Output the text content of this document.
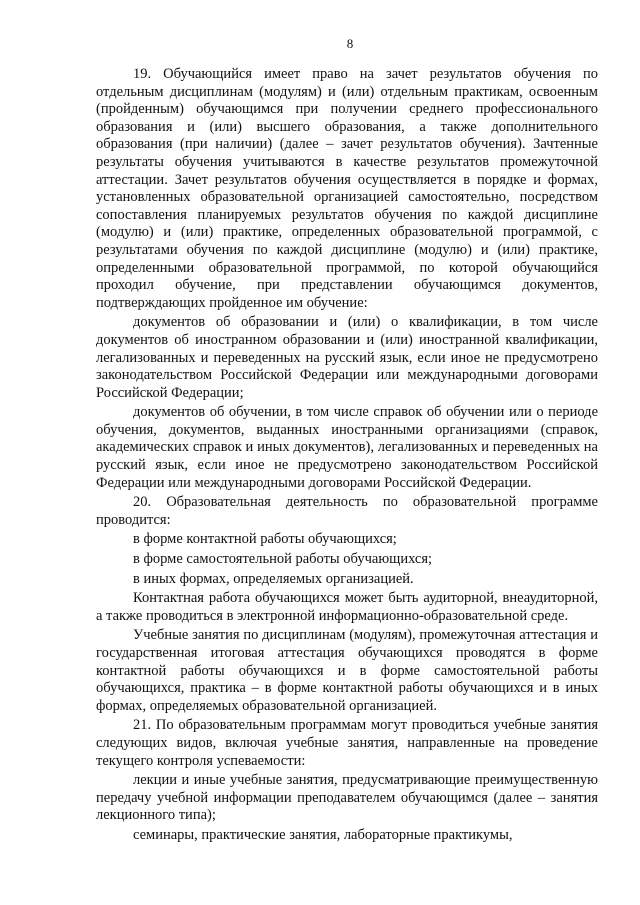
8

19. Обучающийся имеет право на зачет результатов обучения по отдельным дисциплинам (модулям) и (или) отдельным практикам, освоенным (пройденным) обучающимся при получении среднего профессионального образования и (или) высшего образования, а также дополнительного образования (при наличии) (далее – зачет результатов обучения). Зачтенные результаты обучения учитываются в качестве результатов промежуточной аттестации. Зачет результатов обучения осуществляется в порядке и формах, установленных образовательной организацией самостоятельно, посредством сопоставления планируемых результатов обучения по каждой дисциплине (модулю) и (или) практике, определенных образовательной программой, с результатами обучения по каждой дисциплине (модулю) и (или) практике, определенными образовательной программой, по которой обучающийся проходил обучение, при представлении обучающимся документов, подтверждающих пройденное им обучение:

документов об образовании и (или) о квалификации, в том числе документов об иностранном образовании и (или) иностранной квалификации, легализованных и переведенных на русский язык, если иное не предусмотрено законодательством Российской Федерации или международными договорами Российской Федерации;

документов об обучении, в том числе справок об обучении или о периоде обучения, документов, выданных иностранными организациями (справок, академических справок и иных документов), легализованных и переведенных на русский язык, если иное не предусмотрено законодательством Российской Федерации или международными договорами Российской Федерации.

20. Образовательная деятельность по образовательной программе проводится:

в форме контактной работы обучающихся;

в форме самостоятельной работы обучающихся;

в иных формах, определяемых организацией.

Контактная работа обучающихся может быть аудиторной, внеаудиторной, а также проводиться в электронной информационно-образовательной среде.

Учебные занятия по дисциплинам (модулям), промежуточная аттестация и государственная итоговая аттестация обучающихся проводятся в форме контактной работы обучающихся и в форме самостоятельной работы обучающихся, практика – в форме контактной работы обучающихся и в иных формах, определяемых образовательной организацией.

21. По образовательным программам могут проводиться учебные занятия следующих видов, включая учебные занятия, направленные на проведение текущего контроля успеваемости:

лекции и иные учебные занятия, предусматривающие преимущественную передачу учебной информации преподавателем обучающимся (далее – занятия лекционного типа);

семинары, практические занятия, лабораторные практикумы,
